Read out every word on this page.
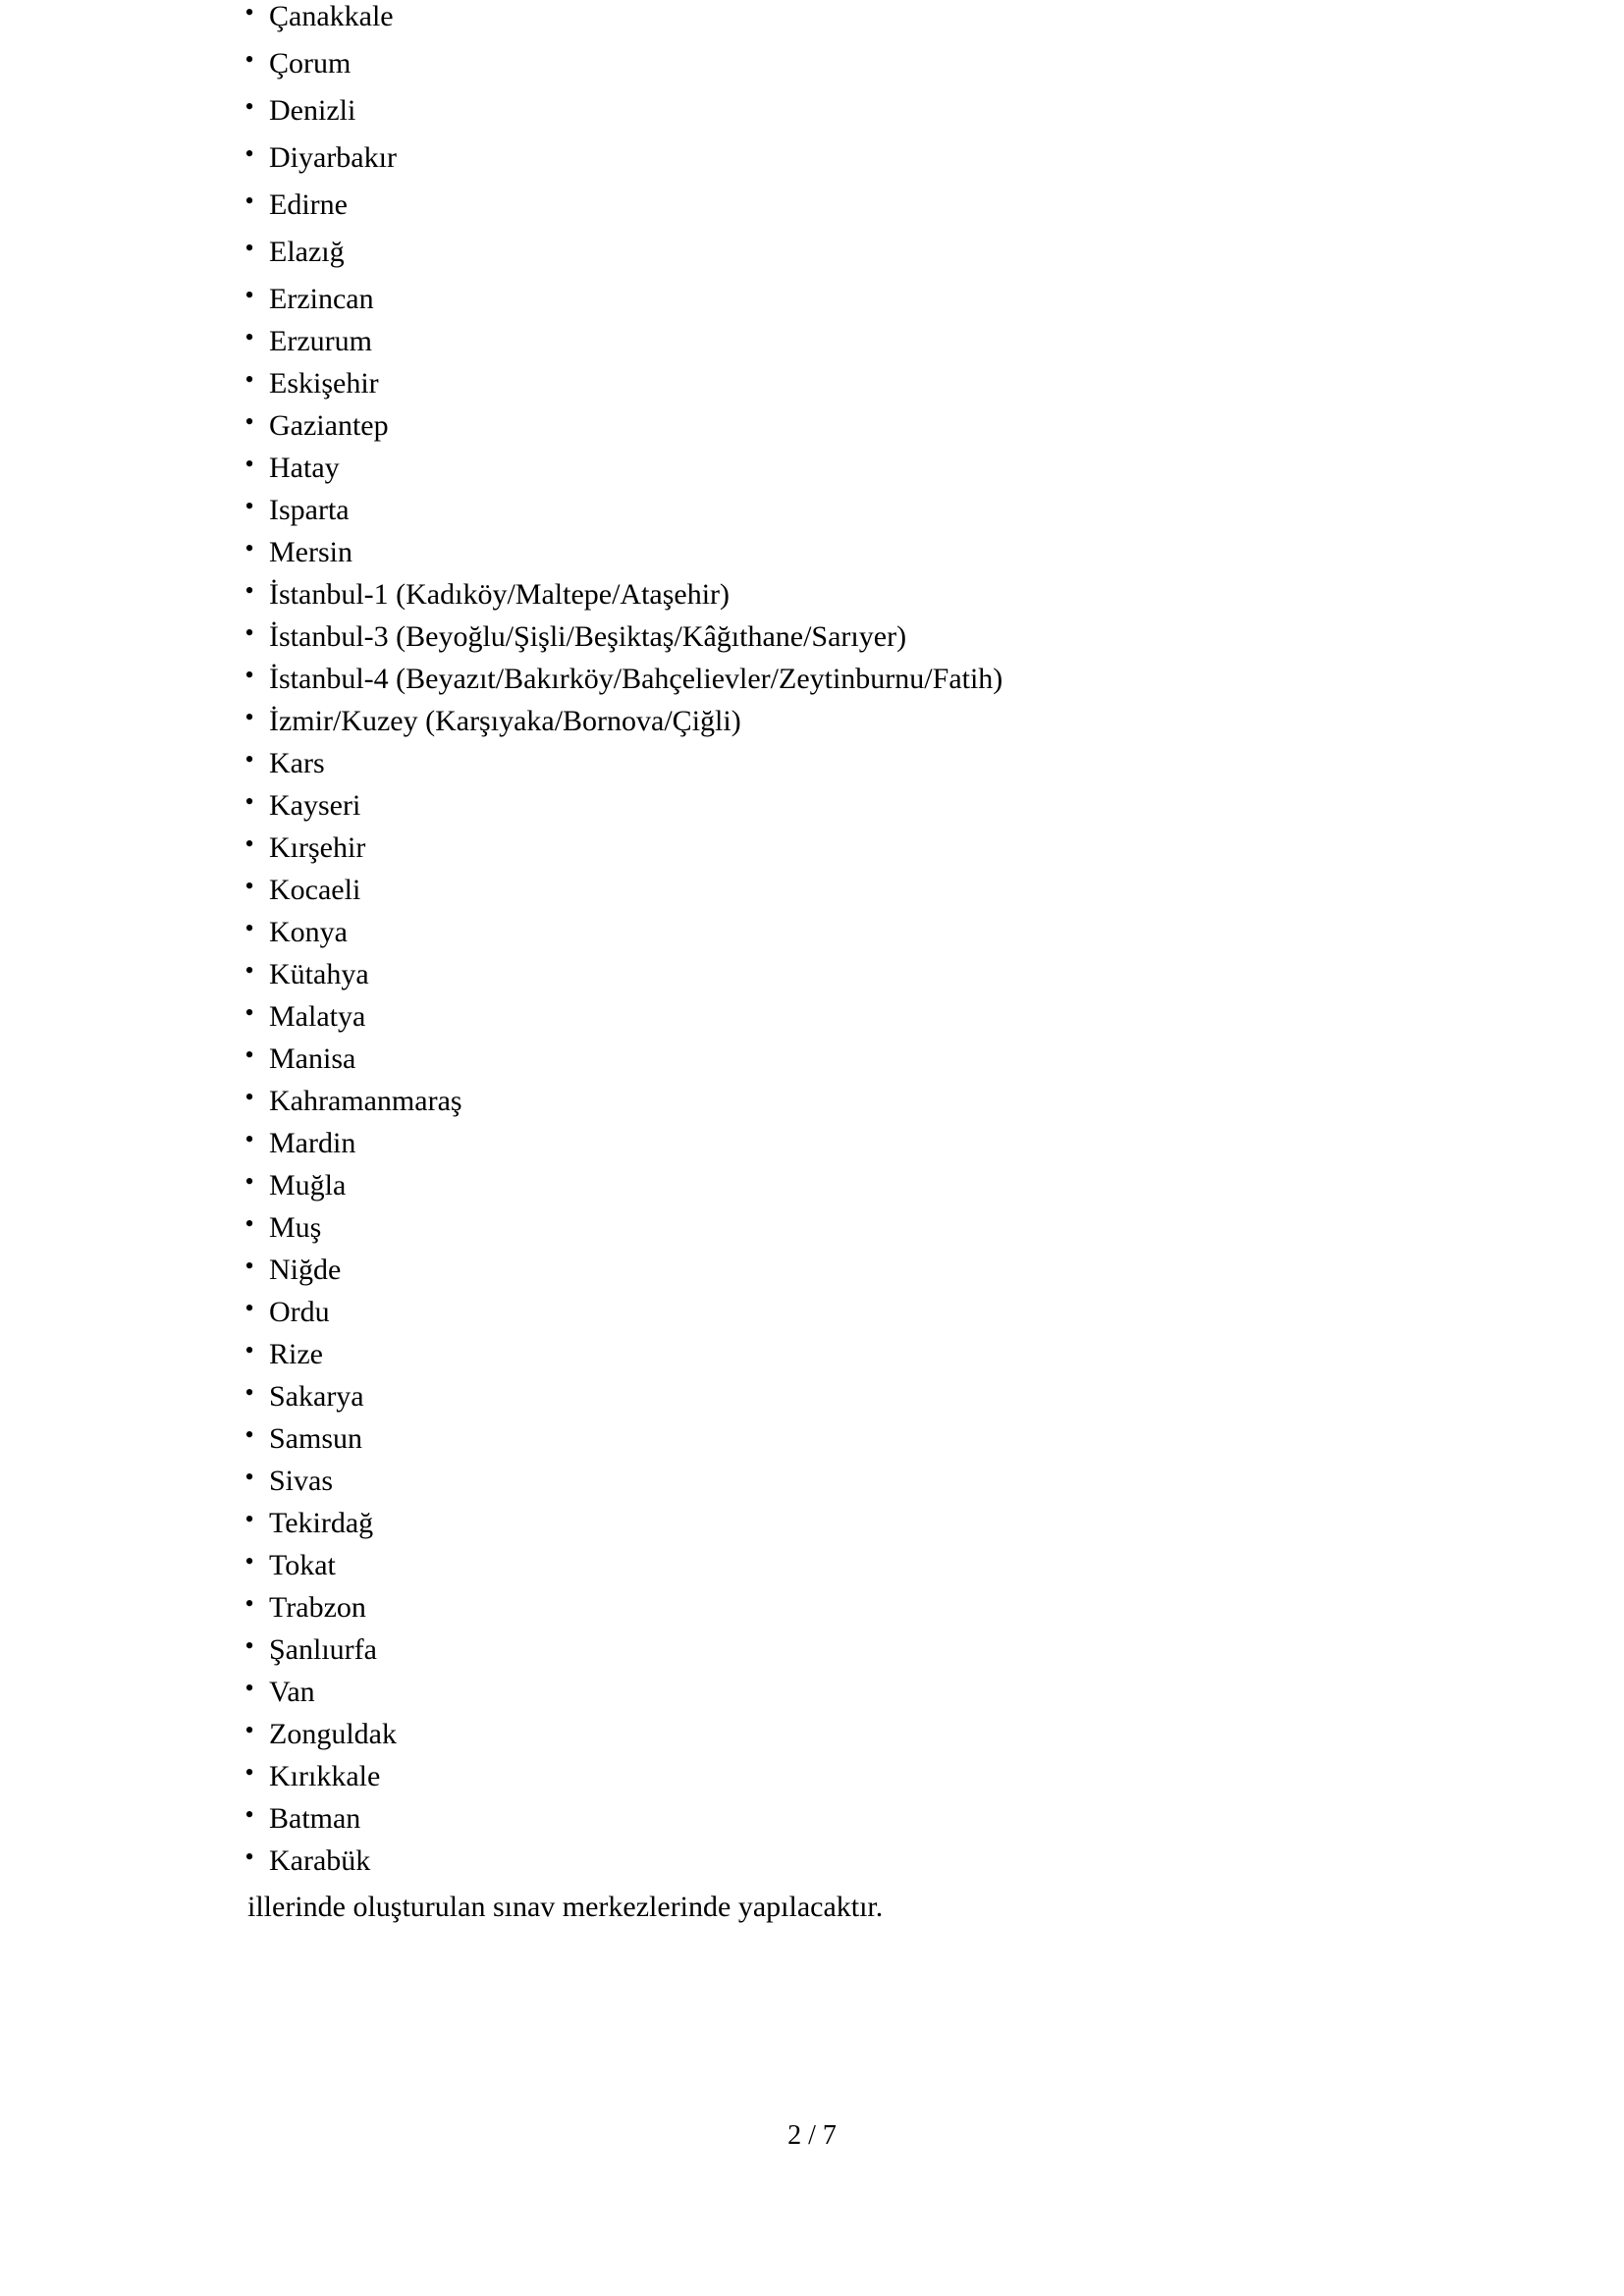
• Çanakkale
• Çorum
• Denizli
• Diyarbakır
• Edirne
• Elazığ
• Erzincan
• Erzurum
• Eskişehir
• Gaziantep
• Hatay
• Isparta
• Mersin
• İstanbul-1 (Kadıköy/Maltepe/Ataşehir)
• İstanbul-3 (Beyoğlu/Şişli/Beşiktaş/Kâğıthane/Sarıyer)
• İstanbul-4 (Beyazıt/Bakırköy/Bahçelievler/Zeytinburnu/Fatih)
• İzmir/Kuzey (Karşıyaka/Bornova/Çiğli)
• Kars
• Kayseri
• Kırşehir
• Kocaeli
• Konya
• Kütahya
• Malatya
• Manisa
• Kahramanmaraş
• Mardin
• Muğla
• Muş
• Niğde
• Ordu
• Rize
• Sakarya
• Samsun
• Sivas
• Tekirdağ
• Tokat
• Trabzon
• Şanlıurfa
• Van
• Zonguldak
• Kırıkkale
• Batman
• Karabük
illerinde oluşturulan sınav merkezlerinde yapılacaktır.
2 / 7
